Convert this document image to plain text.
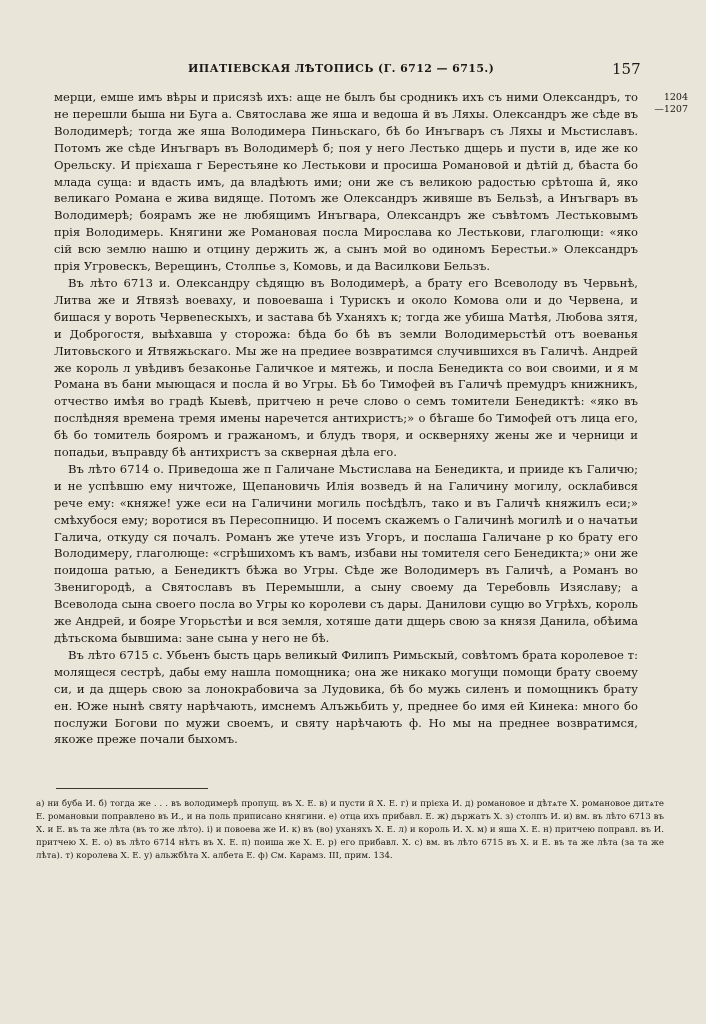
ИПАТІЕВСКАЯ ЛѢТОПИСЬ (Г. 6712 — 6715.)	157
1204
—1207

мерци, емше имъ вѣры и присязѣ ихъ: аще не былъ бы сродникъ ихъ съ ними Олександръ, то не перешли быша ни Буга а. Святослава же яша и ведоша й въ Ляхы. Олександръ же сѣде въ Володимерѣ; тогда же яша Володимера Пиньскаго, бѣ бо Инъгваръ съ Ляхы и Мьстиславъ. Потомъ же сѣде Инъгваръ въ Володимерѣ б; поя у него Лестько дщерь и пусти в, иде же ко Орельску. И прієхаша г Берестьяне ко Лестькови и просиша Романовой и дѣтій д, бѣаста бо млада суща: и вдасть имъ, да владѣють ими; они же съ великою радостью срѣтоша й, яко великаго Романа е жива видяще. Потомъ же Олександръ живяше въ Бельзѣ, а Инъгваръ въ Володимерѣ; боярамъ же не любящимъ Инъгвара, Олександръ же съвѣтомъ Лестьковымъ прія Володимерь. Княгини же Романовая посла Мирослава ко Лестькови, глаголющи: «яко сій всю землю нашю и отцину держить ж, а сынъ мой во одиномъ Берестьи.» Олександръ прія Угровескъ, Верещинъ, Столпье з, Комовь, и да Василкови Бельзъ.

Въ лѣто 6713 и. Олександру сѣдящю въ Володимерѣ, а брату его Всеволоду въ Червьнѣ, Литва же и Ятвязѣ воеваху, и повоеваша і Турискъ и около Комова оли и до Червена, и бишася у вороть Червеnескыхъ, и застава бѣ Уханяхъ к; тогда же убиша Матѣя, Любова зятя, и Доброгостя, выѣхавша у сторожа: бѣда бо бѣ въ земли Володимерьстѣй отъ воеванья Литовьского и Ятвяжьскаго. Мы же на предиее возвратимся случившихся въ Галичѣ. Андрей же король л увѣдивъ безаконье Галичкое и мятежь, и посла Бенедикта со вои своими, и я м Романа въ бани мыющася и посла й во Угры. Бѣ бо Тимофей въ Галичѣ премудръ книжникъ, отчество имѣя во градѣ Кыевѣ, притчею н рече слово о семъ томители Бенедиктѣ: «яко въ послѣдняя времена тремя имены наречется антихристъ;» о бѣгаше бо Тимофей отъ лица его, бѣ бо томитель бояромъ и гражаномъ, и блудъ творя, и оскверняху жены же и черници и попадьи, въправду бѣ антихристъ за скверная дѣла его.

Въ лѣто 6714 о. Приведоша же п Галичане Мьстислава на Бенедикта, и прииде къ Галичю; и не успѣвшю ему ничтоже, Щепановичь Илія возведъ й на Галичину могилу, осклабився рече ему: «княже! уже еси на Галичини могиль посѣдѣлъ, тако и въ Галичѣ княжилъ еси;» смѣхубося ему; воротися въ Пересопницю. И посемъ скажемъ о Галичинѣ могилѣ и о начатьи Галича, откуду ся почалъ. Романъ же утече изъ Угоръ, и послаша Галичане р ко брату его Володимеру, глаголюще: «сгрѣшихомъ къ вамъ, избави ны томителя сего Бенедикта;» они же поидоша ратью, а Бенедиктъ бѣжа во Угры. Сѣде же Володимеръ въ Галичѣ, а Романъ во Звенигородѣ, а Святославъ въ Перемышли, а сыну своему да Теребовль Изяславу; а Всеволода сына своего посла во Угры ко королеви съ дары. Данилови сущю во Угрѣхъ, король же Андрей, и бояре Угорьстѣи и вся земля, хотяше дати дщерь свою за князя Данила, обѣима дѣтьскома бывшима: зане сына у него не бѣ.

Въ лѣто 6715 с. Убьенъ бысть царь великый Филипъ Римьскый, совѣтомъ брата королевое т: молящеся сестрѣ, дабы ему нашла помощника; она же никако могущи помощи брату своему си, и да дщерь свою за лонокрабовича за Лудовика, бѣ бо мужь силенъ и помощникъ брату ен. Юже нынѣ святу нарѣчають, имснемъ Алъжьбить у, преднее бо имя ей Кинека: много бо послужи Богови по мужи своемъ, и святу нарѣчають ф. Но мы на преднее возвратимся, якоже преже почали быхомъ.

а) ни буба И. б) тогда же . . . въ володимерѣ пропущ. въ Х. Е. в) и пусти й Х. Е. г) и прієха И. д) романовое и дѣтѧте Х. романовое дитѧте Е. романовыи поправлено въ И., и на поль приписано княгини. е) отца ихъ прибавл. Е. ж) държатъ Х. з) столпъ И. и) вм. въ лѣто 6713 въ Х. и Е. въ та же лѣта (въ то же лѣто). і) и повоева же И. к) въ (во) уханяхъ Х. Е. л) и король И. Х. м) и яша Х. Е. н) притчею поправл. въ И. притчею Х. Е. о) въ лѣто 6714 нѣтъ въ Х. Е. п) поиша же Х. Е. р) его прибавл. Х. с) вм. въ лѣто 6715 въ Х. и Е. въ та же лѣта (за та же лѣта). т) королева Х. Е. у) альжбѣта Х. албета Е. ф) См. Карамз. III, прим. 134.
